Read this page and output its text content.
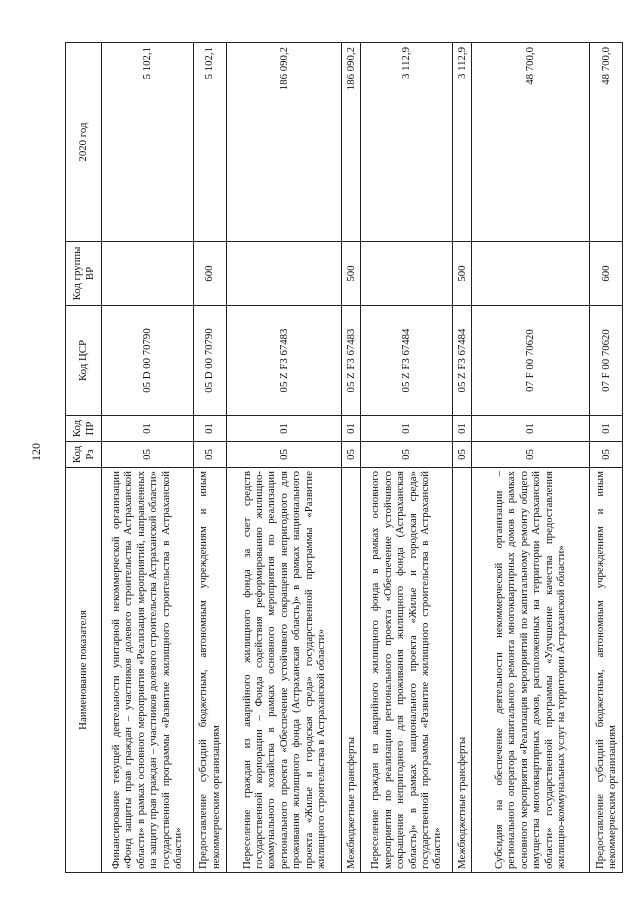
120
Наименование показателя	Код Рз	Код ПР	Код ЦСР	Код группы ВР	2020 год
Финансирование текущей деятельности унитарной некоммерческой организации «Фонд защиты прав граждан – участников долевого строительства Астраханской области» в рамках основного мероприятия «Реализация мероприятий, направленных на защиту прав граждан – участников долевого строительства Астраханской области» государственной программы «Развитие жилищного строительства в Астраханской области»	05	01	05 D 00 70790		5 102,1
Предоставление субсидий бюджетным, автономным учреждениям и иным некоммерческим организациям	05	01	05 D 00 70790	600	5 102,1
Переселение граждан из аварийного жилищного фонда за счет средств государственной корпорации – Фонда содействия реформированию жилищно-коммунального хозяйства в рамках основного мероприятия по реализации регионального проекта «Обеспечение устойчивого сокращения непригодного для проживания жилищного фонда (Астраханская область)» в рамках национального проекта «Жилье и городская среда» государственной программы «Развитие жилищного строительства в Астраханской области»	05	01	05 Z F3 67483		186 090,2
Межбюджетные трансферты	05	01	05 Z F3 67483	500	186 090,2
Переселение граждан из аварийного жилищного фонда в рамках основного мероприятия по реализации регионального проекта «Обеспечение устойчивого сокращения непригодного для проживания жилищного фонда (Астраханская область)» в рамках национального проекта «Жилье и городская среда» государственной программы «Развитие жилищного строительства в Астраханской области»	05	01	05 Z F3 67484		3 112,9
Межбюджетные трансферты	05	01	05 Z F3 67484	500	3 112,9
Субсидия на обеспечение деятельности некоммерческой организации – регионального оператора капитального ремонта многоквартирных домов в рамках основного мероприятия «Реализация мероприятий по капитальному ремонту общего имущества многоквартирных домов, расположенных на территории Астраханской области» государственной программы «Улучшение качества предоставления жилищно-коммунальных услуг на территории Астраханской области»	05	01	07 F 00 70620		48 700,0
Предоставление субсидий бюджетным, автономным учреждениям и иным некоммерческим организациям	05	01	07 F 00 70620	600	48 700,0
